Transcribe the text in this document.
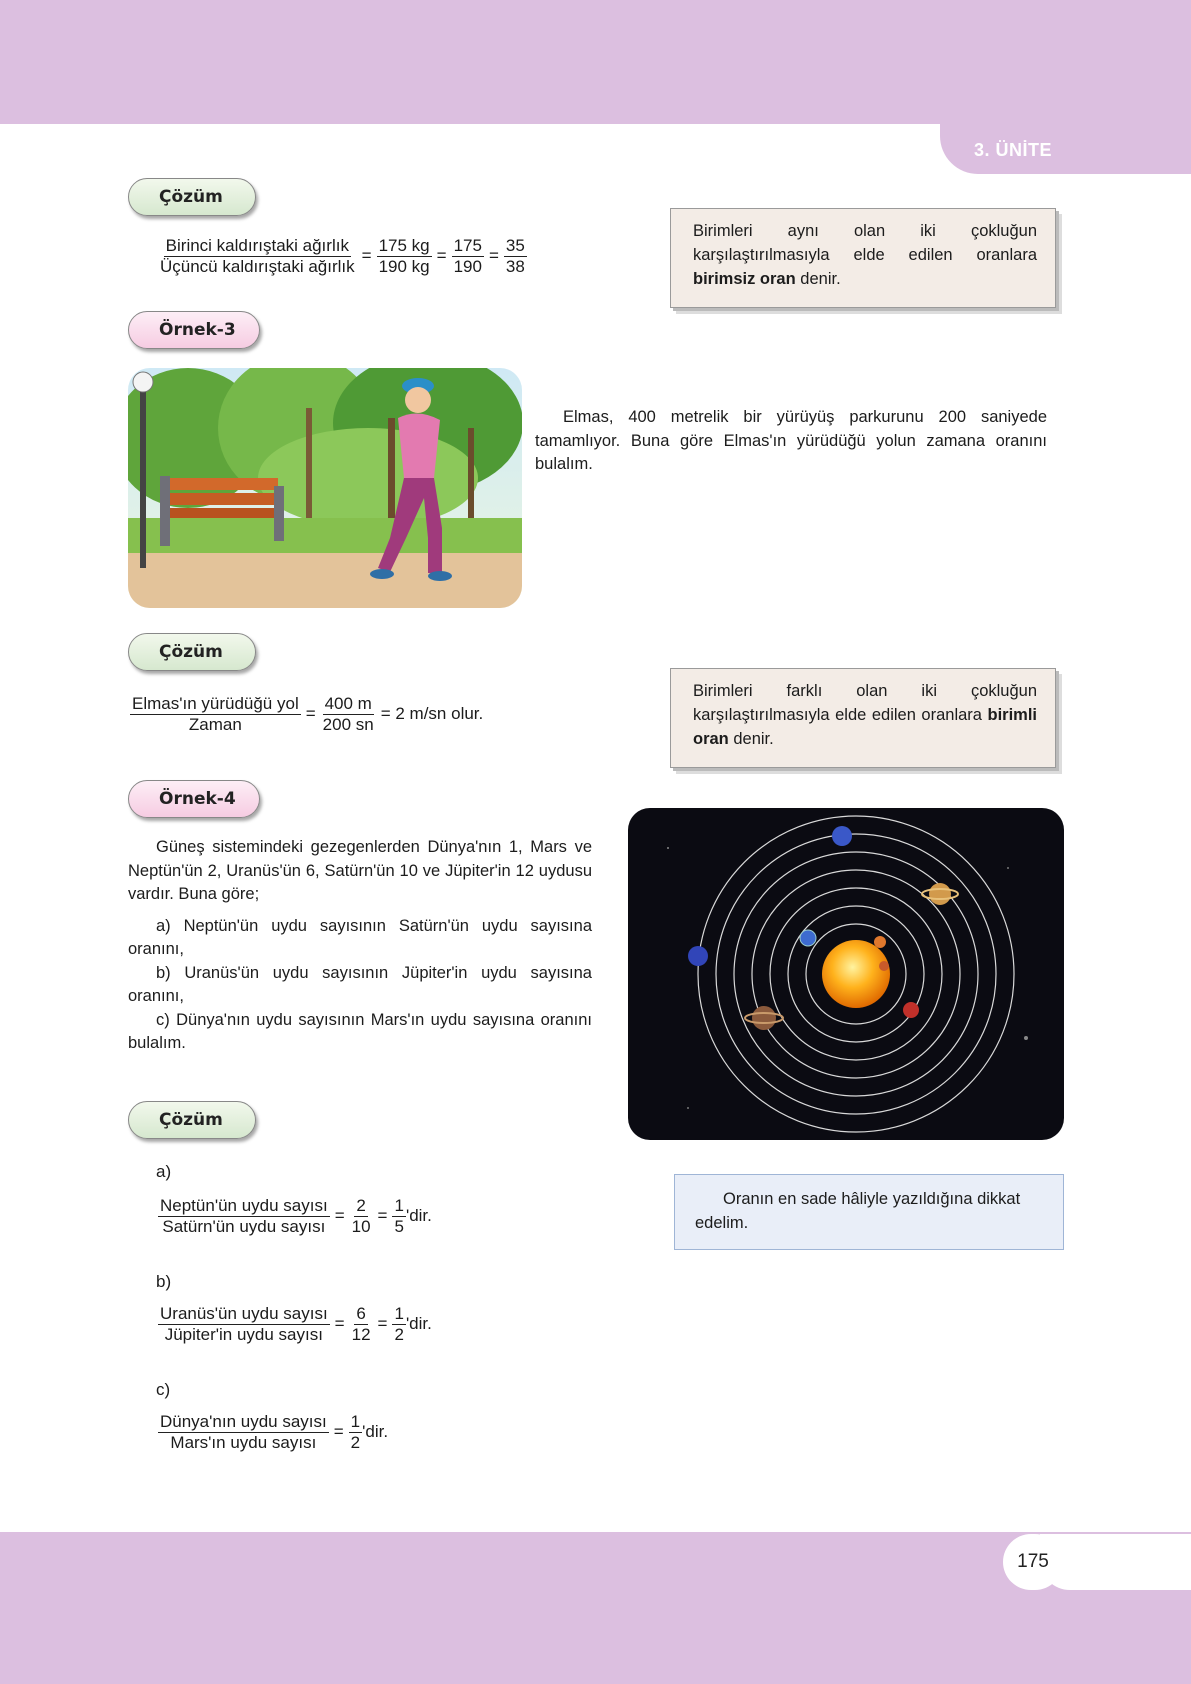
3. ÜNİTE
Çözüm
$\frac{\text{Birinci kaldırıştaki ağırlık}}{\text{Üçüncü kaldırıştaki ağırlık}} = \frac{175 kg}{190 kg} = \frac{175}{190} = \frac{35}{38}$
Birimleri aynı olan iki çokluğun karşılaştırılmasıyla elde edilen oranlara birimsiz oran denir.
Örnek-3

Elmas, 400 metrelik bir yürüyüş parkurunu 200 saniyede tamamlıyor. Buna göre Elmas'ın yürüdüğü yolun zamana oranını bulalım.

Çözüm
$\frac{\text{Elmas'ın yürüdüğü yol}}{\text{Zaman}} = \frac{400 m}{200 sn} = 2$ m/sn olur.
Birimleri farklı olan iki çokluğun karşılaştırılmasıyla elde edilen oranlara birimli oran denir.
Örnek-4

Güneş sistemindeki gezegenlerden Dünya'nın 1, Mars ve Neptün'ün 2, Uranüs'ün 6, Satürn'ün 10 ve Jüpiter'in 12 uydusu vardır. Buna göre;

a) Neptün'ün uydu sayısının Satürn'ün uydu sayısına oranını,

b) Uranüs'ün uydu sayısının Jüpiter'in uydu sayısına oranını,

c) Dünya'nın uydu sayısının Mars'ın uydu sayısına oranını bulalım.

Oranın en sade hâliyle yazıldığına dikkat edelim.
Çözüm
a)
$\frac{\text{Neptün'ün uydu sayısı}}{\text{Satürn'ün uydu sayısı}} = \frac{2}{10} = \frac{1}{5}$ 'dir.
b)
$\frac{\text{Uranüs'ün uydu sayısı}}{\text{Jüpiter'in uydu sayısı}} = \frac{6}{12} = \frac{1}{2}$ 'dir.
c)
$\frac{\text{Dünya'nın uydu sayısı}}{\text{Mars'ın uydu sayısı}} = \frac{1}{2}$ 'dir.
175
